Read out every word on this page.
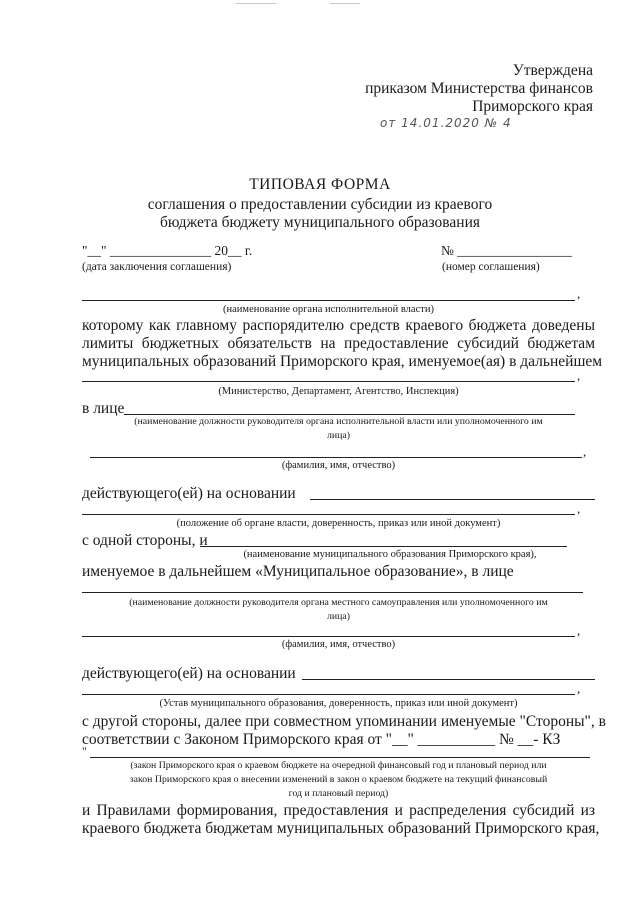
Утверждена
приказом Министерства финансов
Приморского края
от 14.01.2020 № 4
ТИПОВАЯ ФОРМА
соглашения о предоставлении субсидии из краевого
бюджета бюджету муниципального образования
"__" _______________ 20__ г.
(дата заключения соглашения)
№ _________________
(номер соглашения)
,
(наименование органа исполнительной власти)
которому как главному распорядителю средств краевого бюджета доведены
лимиты бюджетных обязательств на предоставление субсидий бюджетам
муниципальных образований Приморского края, именуемое(ая) в дальнейшем
,
(Министерство, Департамент, Агентство, Инспекция)
в лице
(наименование должности руководителя органа исполнительной власти или уполномоченного им
лица)
,
(фамилия, имя, отчество)
действующего(ей) на основании
,
(положение об органе власти, доверенность, приказ или иной документ)
с одной стороны, и
(наименование муниципального образования Приморского края),
именуемое в дальнейшем «Муниципальное образование», в лице
(наименование должности руководителя органа местного самоуправления или уполномоченного им
лица)
,
(фамилия, имя, отчество)
действующего(ей) на основании
,
(Устав муниципального образования, доверенность, приказ или иной документ)
с другой стороны, далее при совместном упоминании именуемые "Стороны", в
соответствии с Законом Приморского края от "__" __________ № __- КЗ
"
(закон Приморского края о краевом бюджете на очередной финансовый год и плановый период или
закон Приморского края о внесении изменений в закон о краевом бюджете на текущий финансовый
год и плановый период)
и Правилами формирования, предоставления и распределения субсидий из
краевого бюджета бюджетам муниципальных образований Приморского края,
